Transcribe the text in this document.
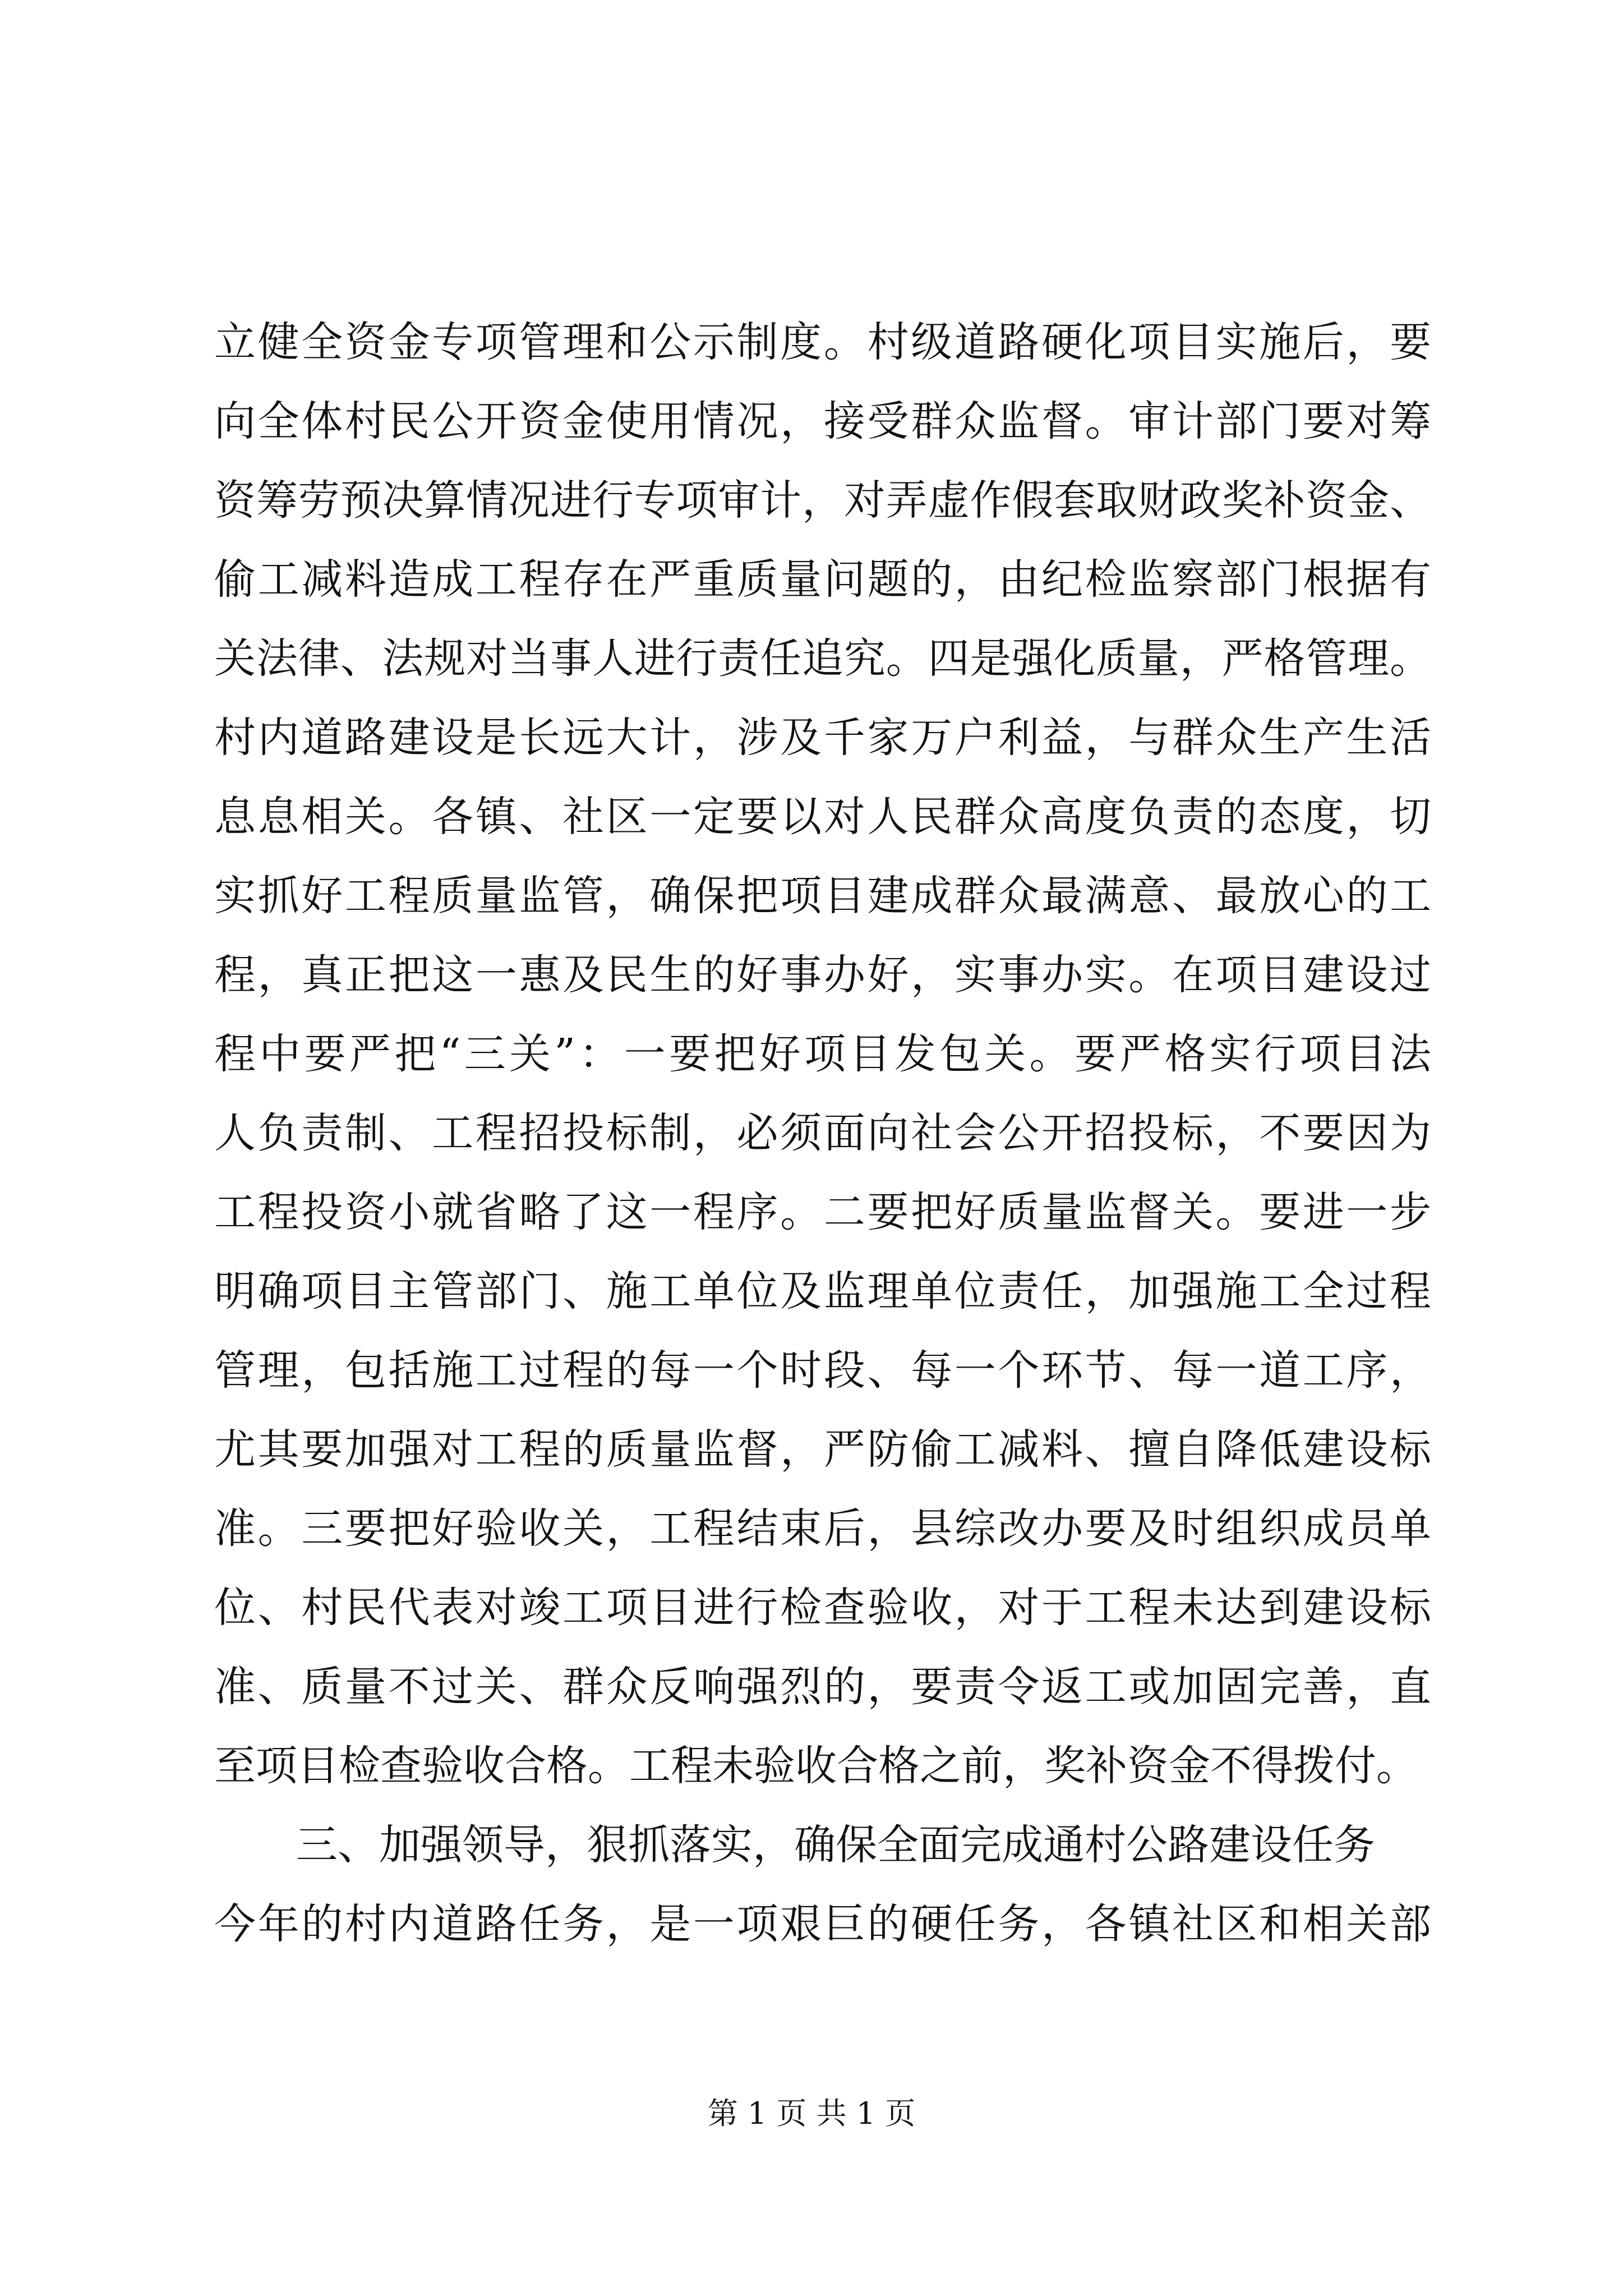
立健全资金专项管理和公示制度。村级道路硬化项目实施后，要
向全体村民公开资金使用情况，接受群众监督。审计部门要对筹
资筹劳预决算情况进行专项审计，对弄虚作假套取财政奖补资金、
偷工减料造成工程存在严重质量问题的，由纪检监察部门根据有
关法律、法规对当事人进行责任追究。四是强化质量，严格管理。
村内道路建设是长远大计，涉及千家万户利益，与群众生产生活
息息相关。各镇、社区一定要以对人民群众高度负责的态度，切
实抓好工程质量监管，确保把项目建成群众最满意、最放心的工
程，真正把这一惠及民生的好事办好，实事办实。在项目建设过
程中要严把“三关”：一要把好项目发包关。要严格实行项目法
人负责制、工程招投标制，必须面向社会公开招投标，不要因为
工程投资小就省略了这一程序。二要把好质量监督关。要进一步
明确项目主管部门、施工单位及监理单位责任，加强施工全过程
管理，包括施工过程的每一个时段、每一个环节、每一道工序，
尤其要加强对工程的质量监督，严防偷工减料、擅自降低建设标
准。三要把好验收关，工程结束后，县综改办要及时组织成员单
位、村民代表对竣工项目进行检查验收，对于工程未达到建设标
准、质量不过关、群众反响强烈的，要责令返工或加固完善，直
至项目检查验收合格。工程未验收合格之前，奖补资金不得拨付。
三、加强领导，狠抓落实，确保全面完成通村公路建设任务
今年的村内道路任务，是一项艰巨的硬任务，各镇社区和相关部
第 1 页 共 1 页
